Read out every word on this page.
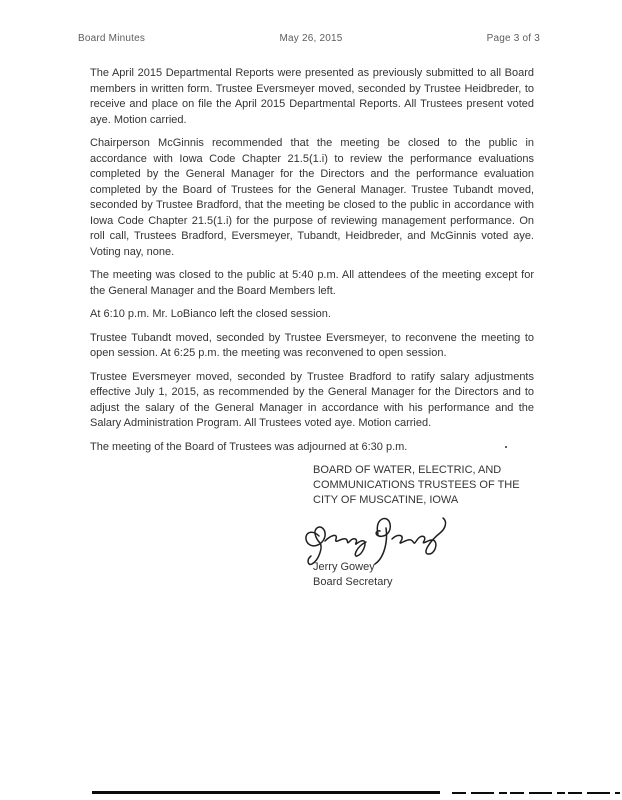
Board Minutes	May 26, 2015	Page 3 of 3

The April 2015 Departmental Reports were presented as previously submitted to all Board members in written form. Trustee Eversmeyer moved, seconded by Trustee Heidbreder, to receive and place on file the April 2015 Departmental Reports. All Trustees present voted aye. Motion carried.

Chairperson McGinnis recommended that the meeting be closed to the public in accordance with Iowa Code Chapter 21.5(1.i) to review the performance evaluations completed by the General Manager for the Directors and the performance evaluation completed by the Board of Trustees for the General Manager. Trustee Tubandt moved, seconded by Trustee Bradford, that the meeting be closed to the public in accordance with Iowa Code Chapter 21.5(1.i) for the purpose of reviewing management performance. On roll call, Trustees Bradford, Eversmeyer, Tubandt, Heidbreder, and McGinnis voted aye. Voting nay, none.

The meeting was closed to the public at 5:40 p.m. All attendees of the meeting except for the General Manager and the Board Members left.

At 6:10 p.m. Mr. LoBianco left the closed session.

Trustee Tubandt moved, seconded by Trustee Eversmeyer, to reconvene the meeting to open session. At 6:25 p.m. the meeting was reconvened to open session.

Trustee Eversmeyer moved, seconded by Trustee Bradford to ratify salary adjustments effective July 1, 2015, as recommended by the General Manager for the Directors and to adjust the salary of the General Manager in accordance with his performance and the Salary Administration Program. All Trustees voted aye. Motion carried.

The meeting of the Board of Trustees was adjourned at 6:30 p.m.

BOARD OF WATER, ELECTRIC, AND
COMMUNICATIONS TRUSTEES OF THE
CITY OF MUSCATINE, IOWA
Jerry Gowey
Board Secretary
